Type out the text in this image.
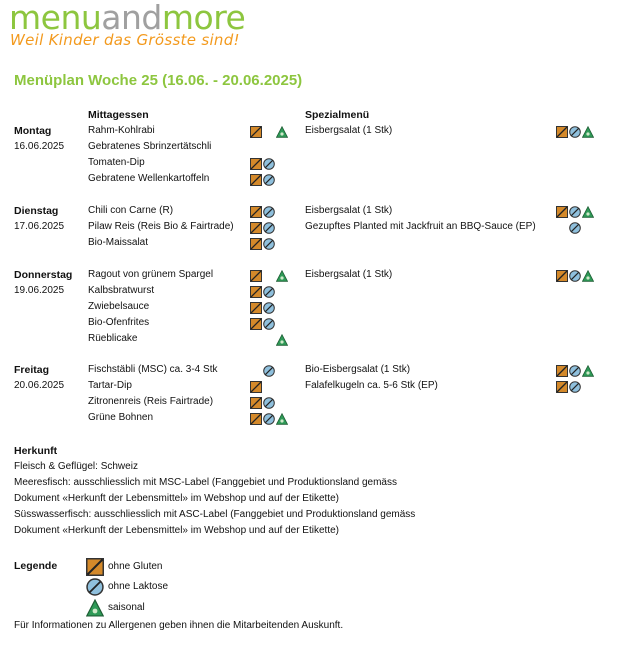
menuandmore
Weil Kinder das Grösste sind!
Menüplan Woche 25 (16.06. - 20.06.2025)
Mittagessen	Spezialmenü
Montag
16.06.2025
Rahm-Kohlrabi
Gebratenes Sbrinzertätschli
Tomaten-Dip
Gebratene Wellenkartoffeln
Eisbergsalat (1 Stk)
Dienstag
17.06.2025
Chili con Carne (R)
Pilaw Reis (Reis Bio & Fairtrade)
Bio-Maissalat
Eisbergsalat (1 Stk)
Gezupftes Planted mit Jackfruit an BBQ-Sauce (EP)
Donnerstag
19.06.2025
Ragout von grünem Spargel
Kalbsbratwurst
Zwiebelsauce
Bio-Ofenfrites
Rüeblicake
Eisbergsalat (1 Stk)
Freitag
20.06.2025
Fischstäbli (MSC) ca. 3-4 Stk
Tartar-Dip
Zitronenreis (Reis Fairtrade)
Grüne Bohnen
Bio-Eisbergsalat (1 Stk)
Falafelkugeln ca. 5-6 Stk (EP)
Herkunft
Fleisch & Geflügel: Schweiz
Meeresfisch: ausschliesslich mit MSC-Label (Fanggebiet und Produktionsland gemäss
Dokument «Herkunft der Lebensmittel» im Webshop und auf der Etikette)
Süsswasserfisch: ausschliesslich mit ASC-Label (Fanggebiet und Produktionsland gemäss
Dokument «Herkunft der Lebensmittel» im Webshop und auf der Etikette)
Legende	ohne Gluten
ohne Laktose
saisonal
Für Informationen zu Allergenen geben ihnen die Mitarbeitenden Auskunft.
